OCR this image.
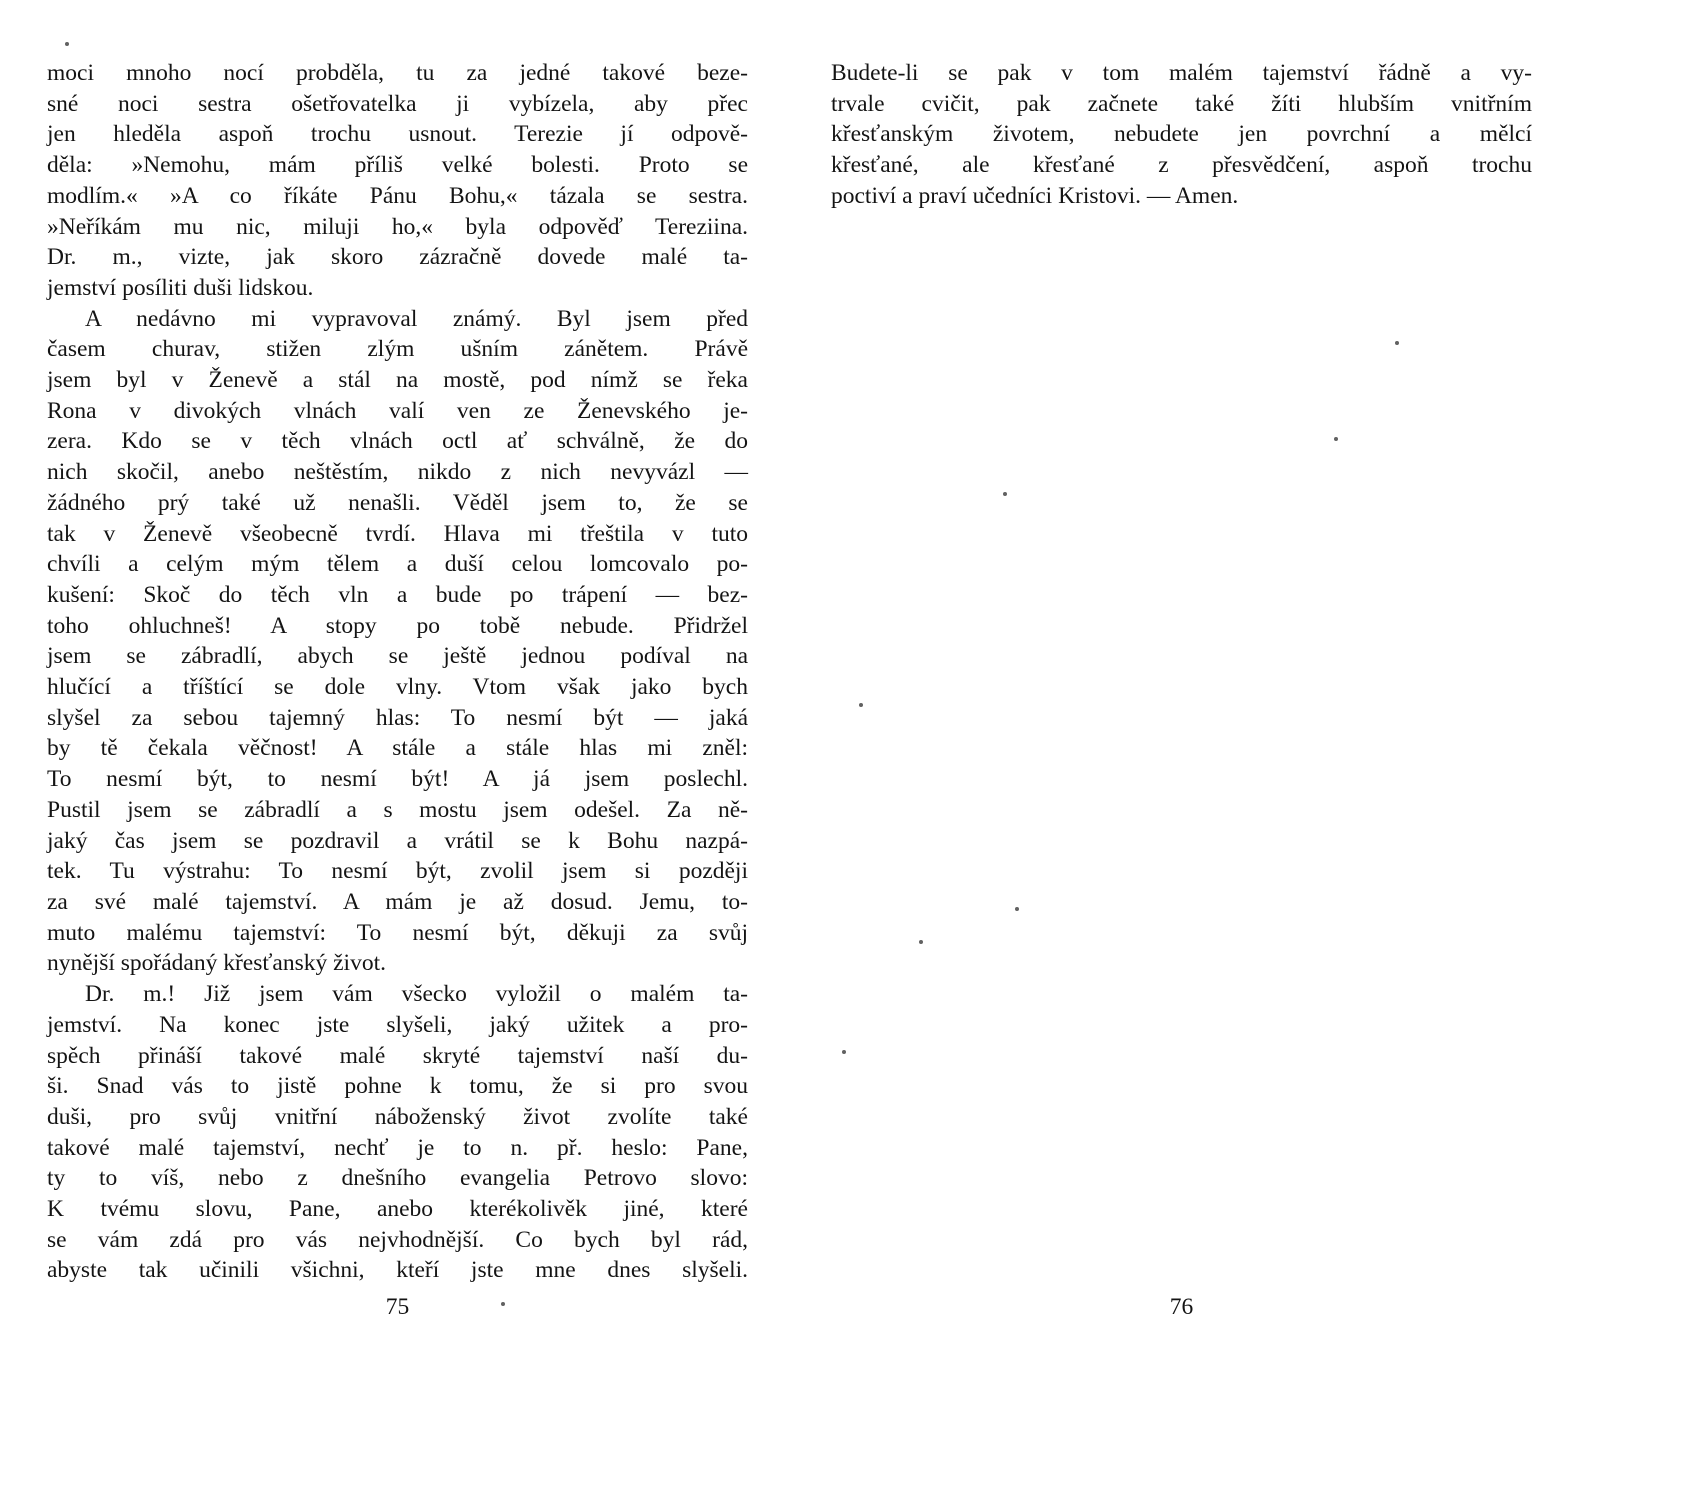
moci mnoho nocí probděla, tu za jedné takové beze-
sné noci sestra ošetřovatelka ji vybízela, aby přec
jen hleděla aspoň trochu usnout. Terezie jí odpově-
děla: »Nemohu, mám příliš velké bolesti. Proto se
modlím.« »A co říkáte Pánu Bohu,« tázala se sestra.
»Neříkám mu nic, miluji ho,« byla odpověď Tereziina.
Dr. m., vizte, jak skoro zázračně dovede malé ta-
jemství posíliti duši lidskou.
A nedávno mi vypravoval známý. Byl jsem před
časem churav, stižen zlým ušním zánětem. Právě
jsem byl v Ženevě a stál na mostě, pod nímž se řeka
Rona v divokých vlnách valí ven ze Ženevského je-
zera. Kdo se v těch vlnách octl ať schválně, že do
nich skočil, anebo neštěstím, nikdo z nich nevyvázl —
žádného prý také už nenašli. Věděl jsem to, že se
tak v Ženevě všeobecně tvrdí. Hlava mi třeštila v tuto
chvíli a celým mým tělem a duší celou lomcovalo po-
kušení: Skoč do těch vln a bude po trápení — bez-
toho ohluchneš! A stopy po tobě nebude. Přidržel
jsem se zábradlí, abych se ještě jednou podíval na
hlučící a tříštící se dole vlny. Vtom však jako bych
slyšel za sebou tajemný hlas: To nesmí být — jaká
by tě čekala věčnost! A stále a stále hlas mi zněl:
To nesmí být, to nesmí být! A já jsem poslechl.
Pustil jsem se zábradlí a s mostu jsem odešel. Za ně-
jaký čas jsem se pozdravil a vrátil se k Bohu nazpá-
tek. Tu výstrahu: To nesmí být, zvolil jsem si později
za své malé tajemství. A mám je až dosud. Jemu, to-
muto malému tajemství: To nesmí být, děkuji za svůj
nynější spořádaný křesťanský život.
Dr. m.! Již jsem vám všecko vyložil o malém ta-
jemství. Na konec jste slyšeli, jaký užitek a pro-
spěch přináší takové malé skryté tajemství naší du-
ši. Snad vás to jistě pohne k tomu, že si pro svou
duši, pro svůj vnitřní náboženský život zvolíte také
takové malé tajemství, nechť je to n. př. heslo: Pane,
ty to víš, nebo z dnešního evangelia Petrovo slovo:
K tvému slovu, Pane, anebo kterékolivěk jiné, které
se vám zdá pro vás nejvhodnější. Co bych byl rád,
abyste tak učinili všichni, kteří jste mne dnes slyšeli.
Budete-li se pak v tom malém tajemství řádně a vy-
trvale cvičit, pak začnete také žíti hlubším vnitřním
křesťanským životem, nebudete jen povrchní a mělcí
křesťané, ale křesťané z přesvědčení, aspoň trochu
poctiví a praví učedníci Kristovi. — Amen.
75	76
